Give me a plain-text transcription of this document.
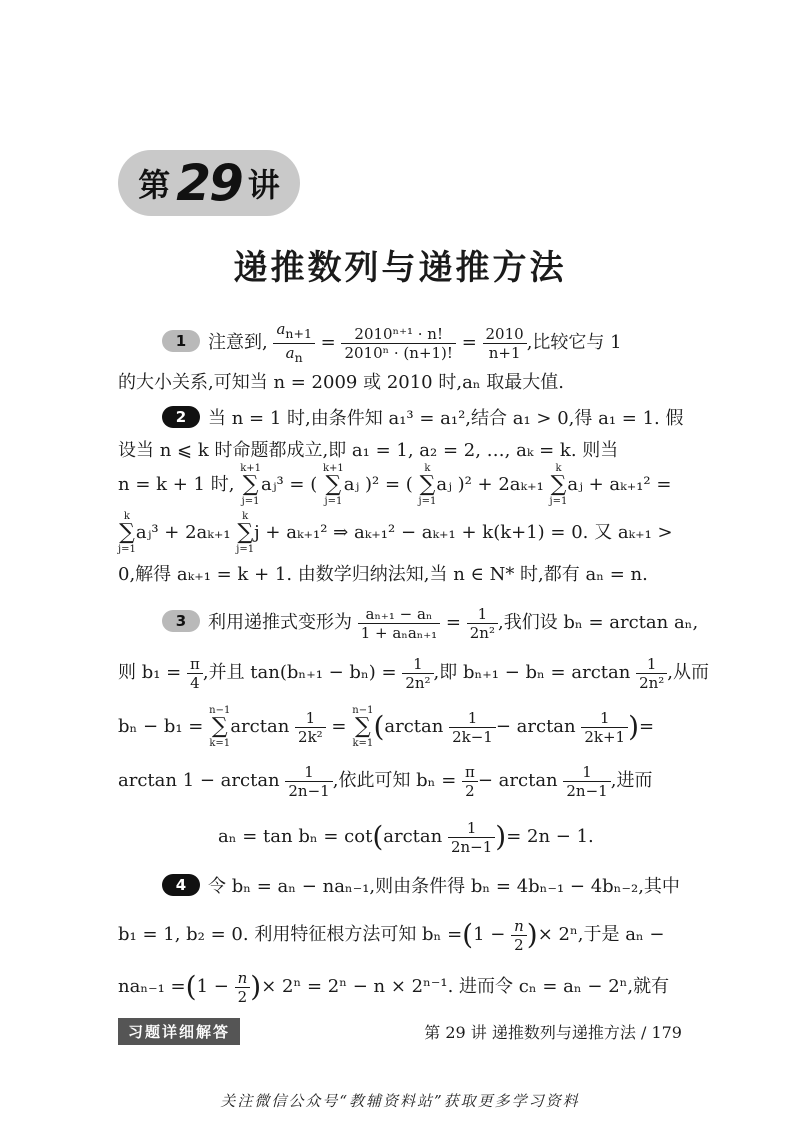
第 29 讲
递推数列与递推方法
1 注意到, $\frac{a_{n+1}}{a_n} = \frac{\text{2010ⁿ⁺¹ · n!}}{\text{2010ⁿ · (n+1)!}} = \frac{2010}{n+1}$ ,比较它与 1
的大小关系,可知当 n = 2009 或 2010 时,aₙ 取最大值.
2 当 n = 1 时,由条件知 a₁³ = a₁²,结合 a₁ > 0,得 a₁ = 1. 假
设当 n ⩽ k 时命题都成立,即 a₁ = 1, a₂ = 2, …, aₖ = k. 则当
n = k + 1 时, k+1
∑
j=1aⱼ³ = ( k+1
∑
j=1aⱼ )² = ( k
∑
j=1aⱼ )² + 2aₖ₊₁ k
∑
j=1aⱼ + aₖ₊₁² =
k
∑
j=1aⱼ³ + 2aₖ₊₁ k
∑
j=1j + aₖ₊₁² ⇒ aₖ₊₁² − aₖ₊₁ + k(k+1) = 0. 又 aₖ₊₁ >
0,解得 aₖ₊₁ = k + 1. 由数学归纳法知,当 n ∈ N* 时,都有 aₙ = n.
3 利用递推式变形为 $\frac{\text{aₙ₊₁ − aₙ}}{\text{1 + aₙaₙ₊₁}} = \frac{1}{\text{2n²}}$ ,我们设 bₙ = arctan aₙ,
则 $b_1 = \frac{\pi}{4}$ ,并且 $\tan(b_{n+1} - b_n) = \frac{1}{\text{2n²}}$ ,即 $b_{n+1} - b_n = \arctan \frac{1}{\text{2n²}}$ ,从而
bₙ − b₁ = n−1
∑
$k=1\arctan \frac{1}{\text{2k²}} = n-1$
∑
$k=1(\arctan \frac{1}{2k-1} - \arctan \frac{1}{2k+1}$ )=
$\arctan 1 - \arctan \frac{1}{2n-1}$ ,依此可知 $b_n = \frac{\pi}{2} - \arctan \frac{1}{2n-1}$ ,进而
$a_n = \tan b_n = \cot(\arctan \frac{1}{2n-1}$ )= 2n − 1.
4 令 bₙ = aₙ − naₙ₋₁,则由条件得 bₙ = 4bₙ₋₁ − 4bₙ₋₂,其中
b₁ = 1, b₂ = 0. 利用特征根方法可知 $b_n =(1 - \frac{n}{2}$ )× 2ⁿ,于是 aₙ −
$na_{n-1} =(1 - \frac{n}{2}$ )× 2ⁿ = 2ⁿ − n × 2ⁿ⁻¹. 进而令 cₙ = aₙ − 2ⁿ,就有
习题详细解答	第 29 讲 递推数列与递推方法 / 179
关注微信公众号“教辅资料站”获取更多学习资料
